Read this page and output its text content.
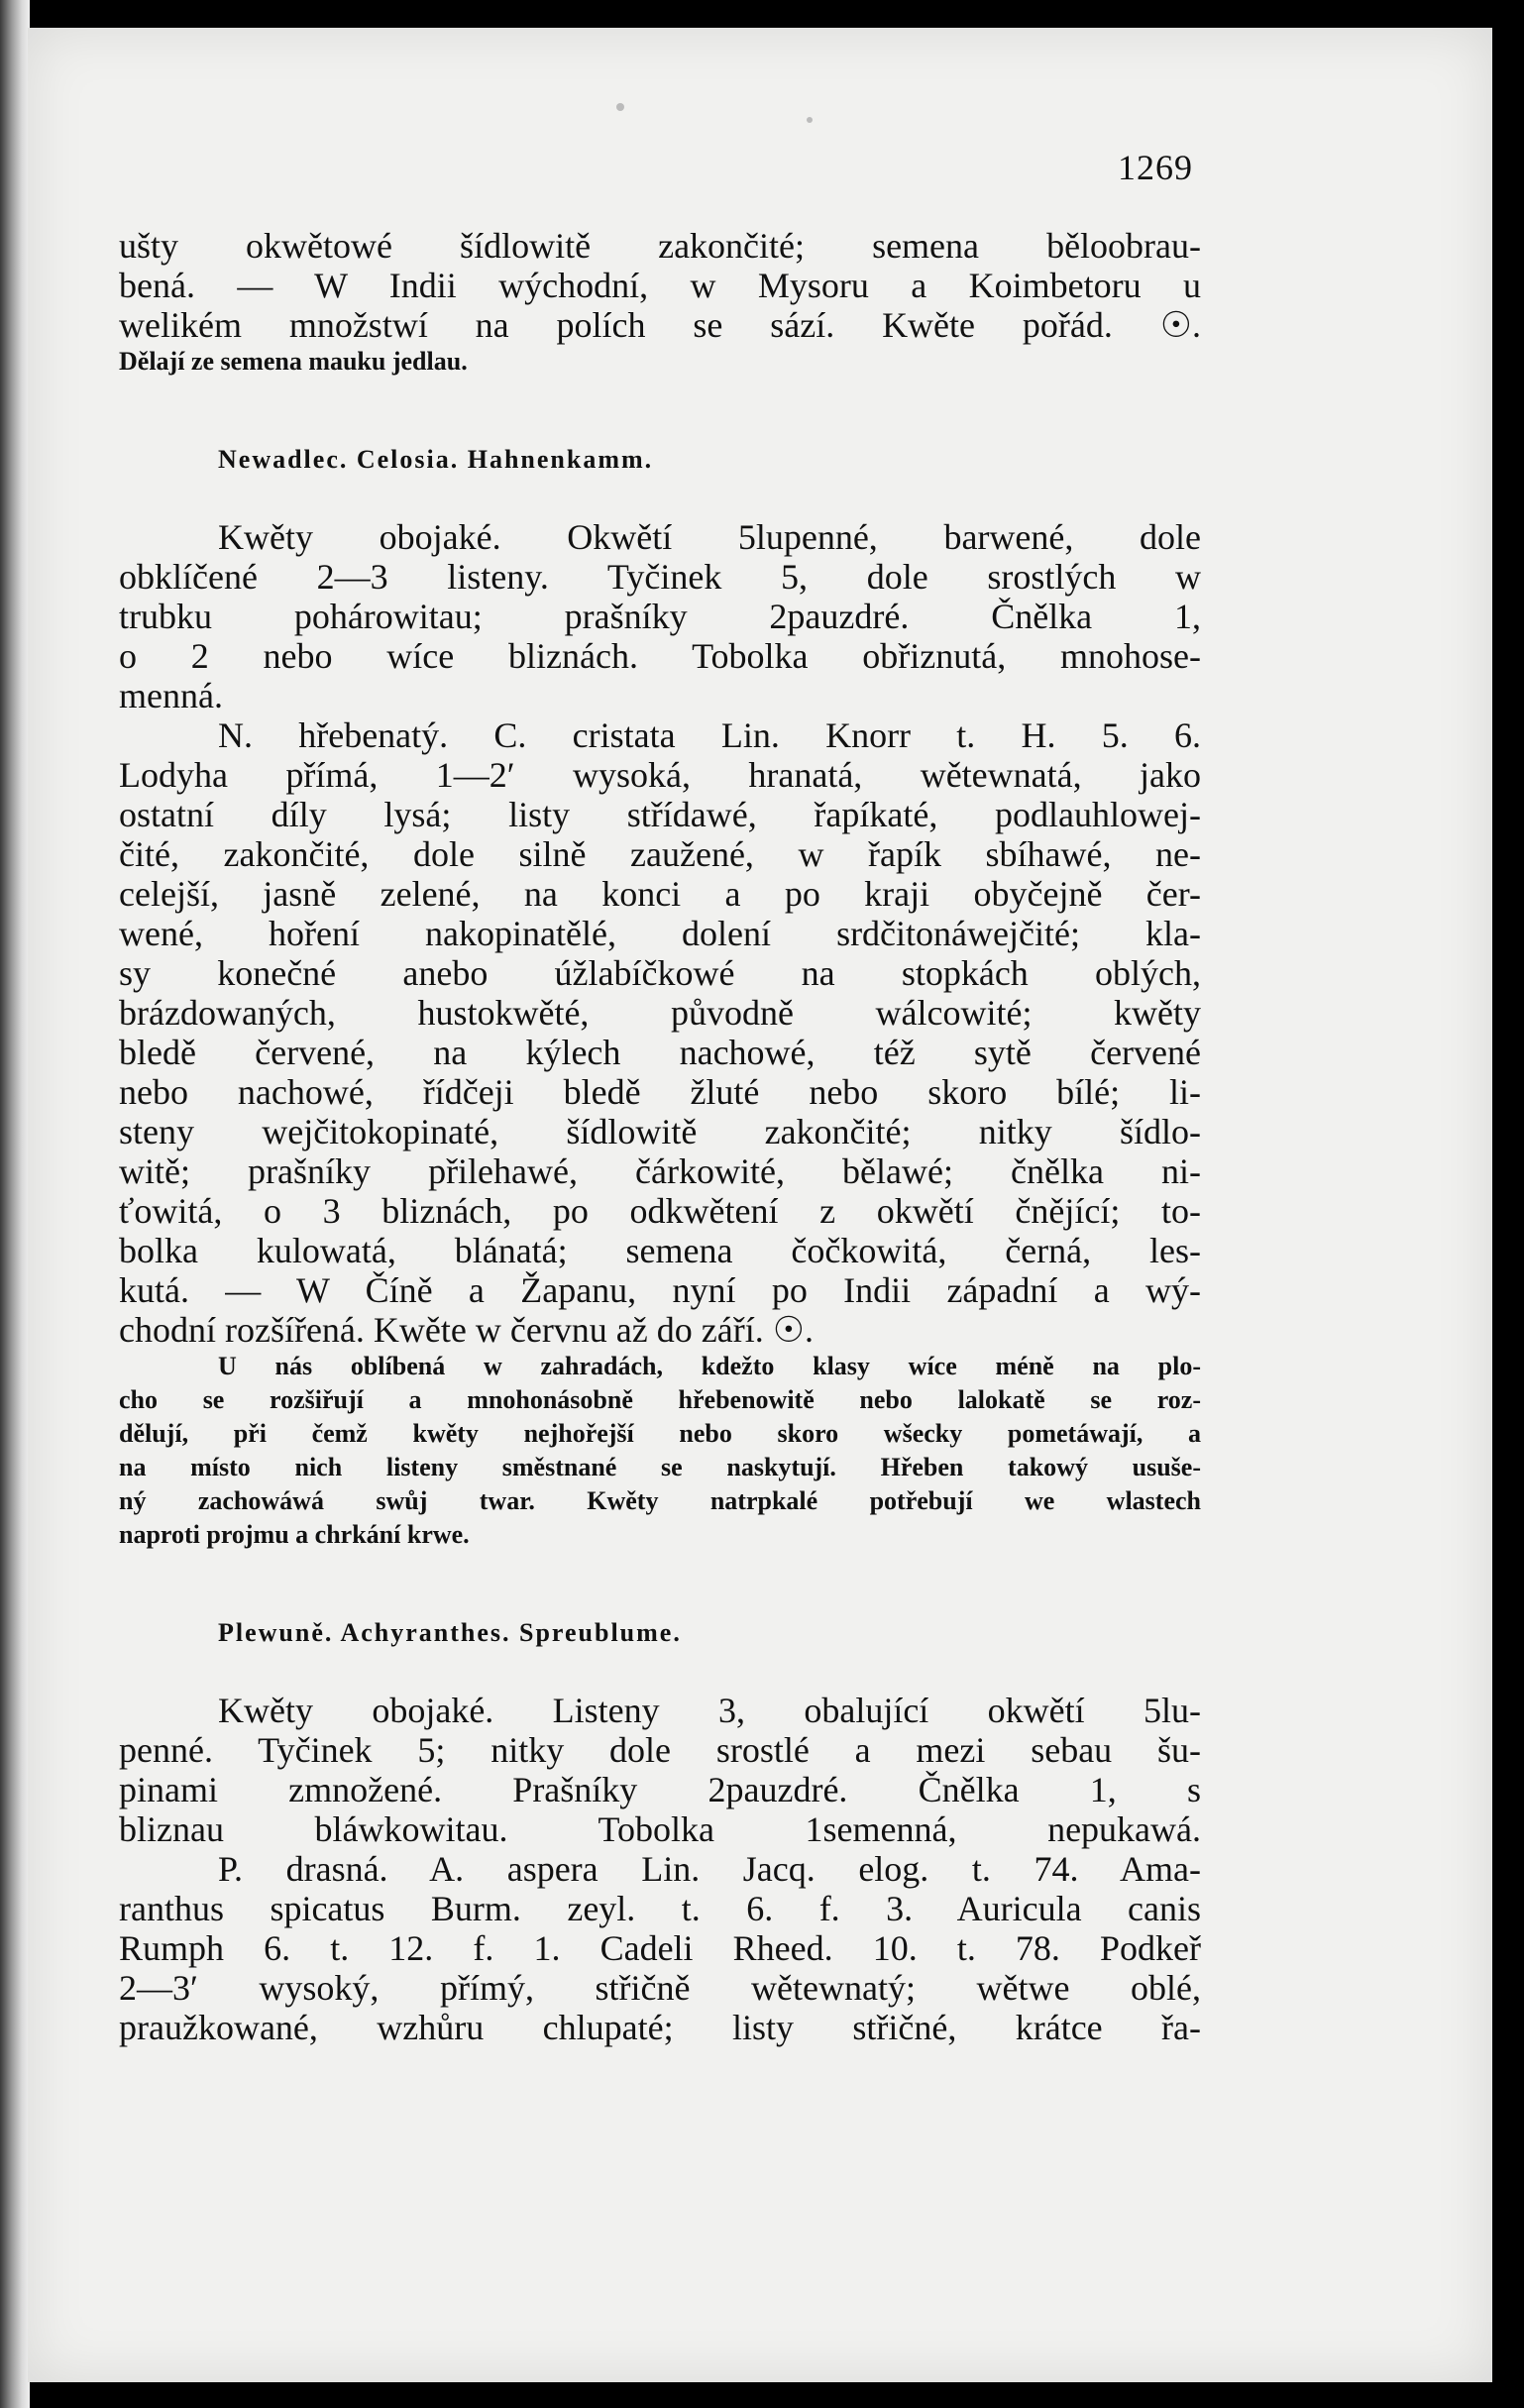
1269
ušty okwětowé šídlowitě zakončité; semena běloobrau-
bená. — W Indii wýchodní, w Mysoru a Koimbetoru u
welikém množstwí na polích se sází. Kwěte pořád. ☉.
Dělají ze semena mauku jedlau.
Newadlec. Celosia. Hahnenkamm.
Kwěty obojaké. Okwětí 5lupenné, barwené, dole
obklíčené 2—3 listeny. Tyčinek 5, dole srostlých w
trubku pohárowitau; prašníky 2pauzdré. Čnělka 1,
o 2 nebo wíce bliznách. Tobolka obřiznutá, mnohose-
menná.
N. hřebenatý. C. cristata Lin. Knorr t. H. 5. 6.
Lodyha přímá, 1—2′ wysoká, hranatá, wětewnatá, jako
ostatní díly lysá; listy střídawé, řapíkaté, podlauhlowej-
čité, zakončité, dole silně zaužené, w řapík sbíhawé, ne-
celejší, jasně zelené, na konci a po kraji obyčejně čer-
wené, hoření nakopinatělé, dolení srdčitonáwejčité; kla-
sy konečné anebo úžlabíčkowé na stopkách oblých,
brázdowaných, hustokwěté, původně wálcowité; kwěty
bledě červené, na kýlech nachowé, též sytě červené
nebo nachowé, řídčeji bledě žluté nebo skoro bílé; li-
steny wejčitokopinaté, šídlowitě zakončité; nitky šídlo-
witě; prašníky přilehawé, čárkowité, bělawé; čnělka ni-
ťowitá, o 3 bliznách, po odkwětení z okwětí čnějící; to-
bolka kulowatá, blánatá; semena čočkowitá, černá, les-
kutá. — W Číně a Žapanu, nyní po Indii západní a wý-
chodní rozšířená. Kwěte w červnu až do září. ☉.
U nás oblíbená w zahradách, kdežto klasy wíce méně na plo-
cho se rozšiřují a mnohonásobně hřebenowitě nebo lalokatě se roz-
dělují, při čemž kwěty nejhořejší nebo skoro wšecky pometáwají, a
na místo nich listeny směstnané se naskytují. Hřeben takowý usuše-
ný zachowáwá swůj twar. Kwěty natrpkalé potřebují we wlastech
naproti projmu a chrkání krwe.
Plewuně. Achyranthes. Spreublume.
Kwěty obojaké. Listeny 3, obalující okwětí 5lu-
penné. Tyčinek 5; nitky dole srostlé a mezi sebau šu-
pinami zmnožené. Prašníky 2pauzdré. Čnělka 1, s
bliznau bláwkowitau. Tobolka 1semenná, nepukawá.
P. drasná. A. aspera Lin. Jacq. elog. t. 74. Ama-
ranthus spicatus Burm. zeyl. t. 6. f. 3. Auricula canis
Rumph 6. t. 12. f. 1. Cadeli Rheed. 10. t. 78. Podkeř
2—3′ wysoký, přímý, střičně wětewnatý; wětwe oblé,
praužkowané, wzhůru chlupaté; listy střičné, krátce řa-
